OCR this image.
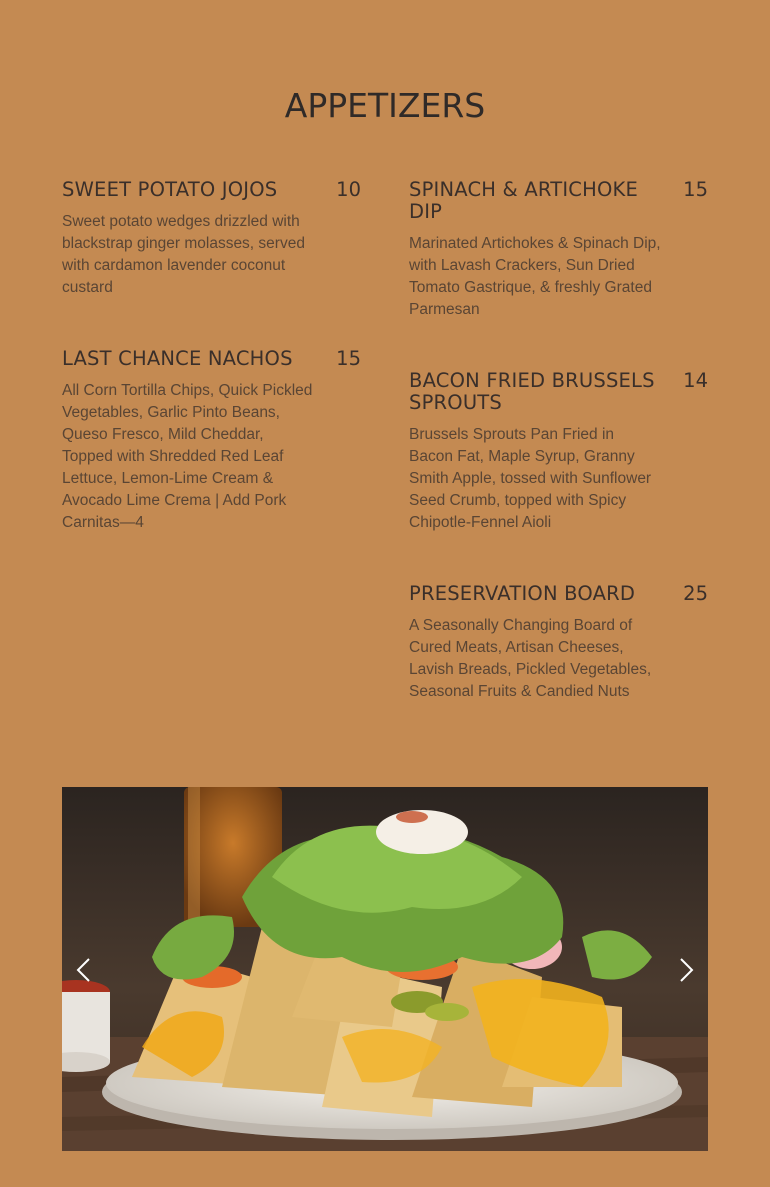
APPETIZERS
SWEET POTATO JOJOS	10
Sweet potato wedges drizzled with blackstrap ginger molasses, served with cardamon lavender coconut custard
LAST CHANCE NACHOS	15
All Corn Tortilla Chips, Quick Pickled Vegetables, Garlic Pinto Beans, Queso Fresco, Mild Cheddar, Topped with Shredded Red Leaf Lettuce, Lemon-Lime Cream & Avocado Lime Crema | Add Pork Carnitas—4
SPINACH & ARTICHOKE DIP
15
Marinated Artichokes & Spinach Dip, with Lavash Crackers, Sun Dried Tomato Gastrique, & freshly Grated Parmesan
BACON FRIED BRUSSELS SPROUTS
14
Brussels Sprouts Pan Fried in Bacon Fat, Maple Syrup, Granny Smith Apple, tossed with Sunflower Seed Crumb, topped with Spicy Chipotle-Fennel Aioli
PRESERVATION BOARD	25
A Seasonally Changing Board of Cured Meats, Artisan Cheeses, Lavish Breads, Pickled Vegetables, Seasonal Fruits & Candied Nuts
